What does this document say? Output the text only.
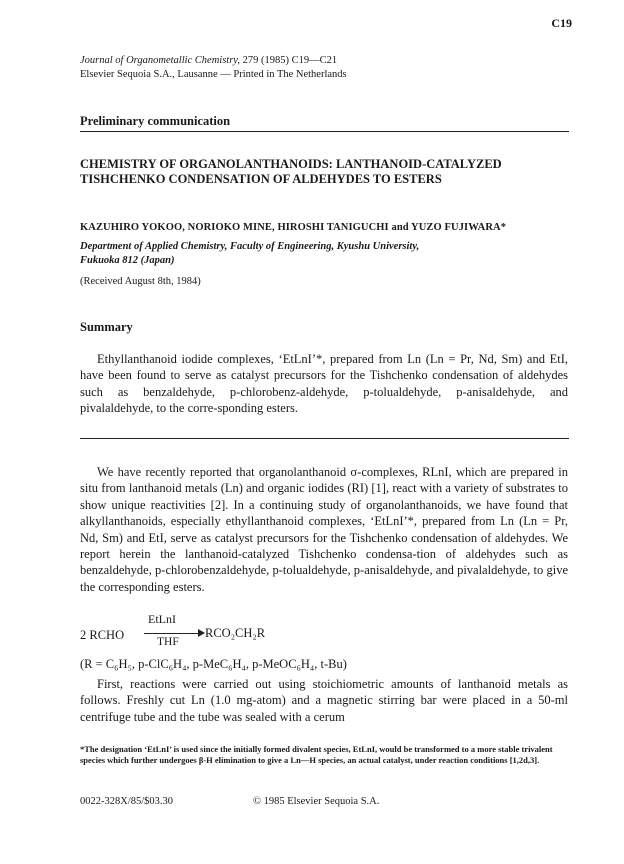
C19
Journal of Organometallic Chemistry, 279 (1985) C19—C21
Elsevier Sequoia S.A., Lausanne — Printed in The Netherlands
Preliminary communication
CHEMISTRY OF ORGANOLANTHANOIDS: LANTHANOID-CATALYZED
TISHCHENKO CONDENSATION OF ALDEHYDES TO ESTERS
KAZUHIRO YOKOO, NORIOKO MINE, HIROSHI TANIGUCHI and YUZO FUJIWARA*
Department of Applied Chemistry, Faculty of Engineering, Kyushu University,
Fukuoka 812 (Japan)
(Received August 8th, 1984)
Summary
Ethyllanthanoid iodide complexes, ‘EtLnI’*, prepared from Ln (Ln = Pr, Nd, Sm) and EtI, have been found to serve as catalyst precursors for the Tishchenko condensation of aldehydes such as benzaldehyde, p-chlorobenz-aldehyde, p-tolualdehyde, p-anisaldehyde, and pivalaldehyde, to the corre-sponding esters.
We have recently reported that organolanthanoid σ-complexes, RLnI, which are prepared in situ from lanthanoid metals (Ln) and organic iodides (RI) [1], react with a variety of substrates to show unique reactivities [2]. In a continuing study of organolanthanoids, we have found that alkyllanthanoids, especially ethyllanthanoid complexes, ‘EtLnI’*, prepared from Ln (Ln = Pr, Nd, Sm) and EtI, serve as catalyst precursors for the Tishchenko condensation of aldehydes. We report herein the lanthanoid-catalyzed Tishchenko condensa-tion of aldehydes such as benzaldehyde, p-chlorobenzaldehyde, p-tolualdehyde, p-anisaldehyde, and pivalaldehyde, to give the corresponding esters.
2 RCHO
EtLnI
THF
RCO₂CH₂R
(R = C₆H₅, p-ClC₆H₄, p-MeC₆H₄, p-MeOC₆H₄, t-Bu)
First, reactions were carried out using stoichiometric amounts of lanthanoid metals as follows. Freshly cut Ln (1.0 mg-atom) and a magnetic stirring bar were placed in a 50-ml centrifuge tube and the tube was sealed with a cerum
*The designation ‘EtLnI’ is used since the initially formed divalent species, EtLnI, would be transformed to a more stable trivalent species which further undergoes β-H elimination to give a Ln—H species, an actual catalyst, under reaction conditions [1,2d,3].
0022-328X/85/$03.30	© 1985 Elsevier Sequoia S.A.
